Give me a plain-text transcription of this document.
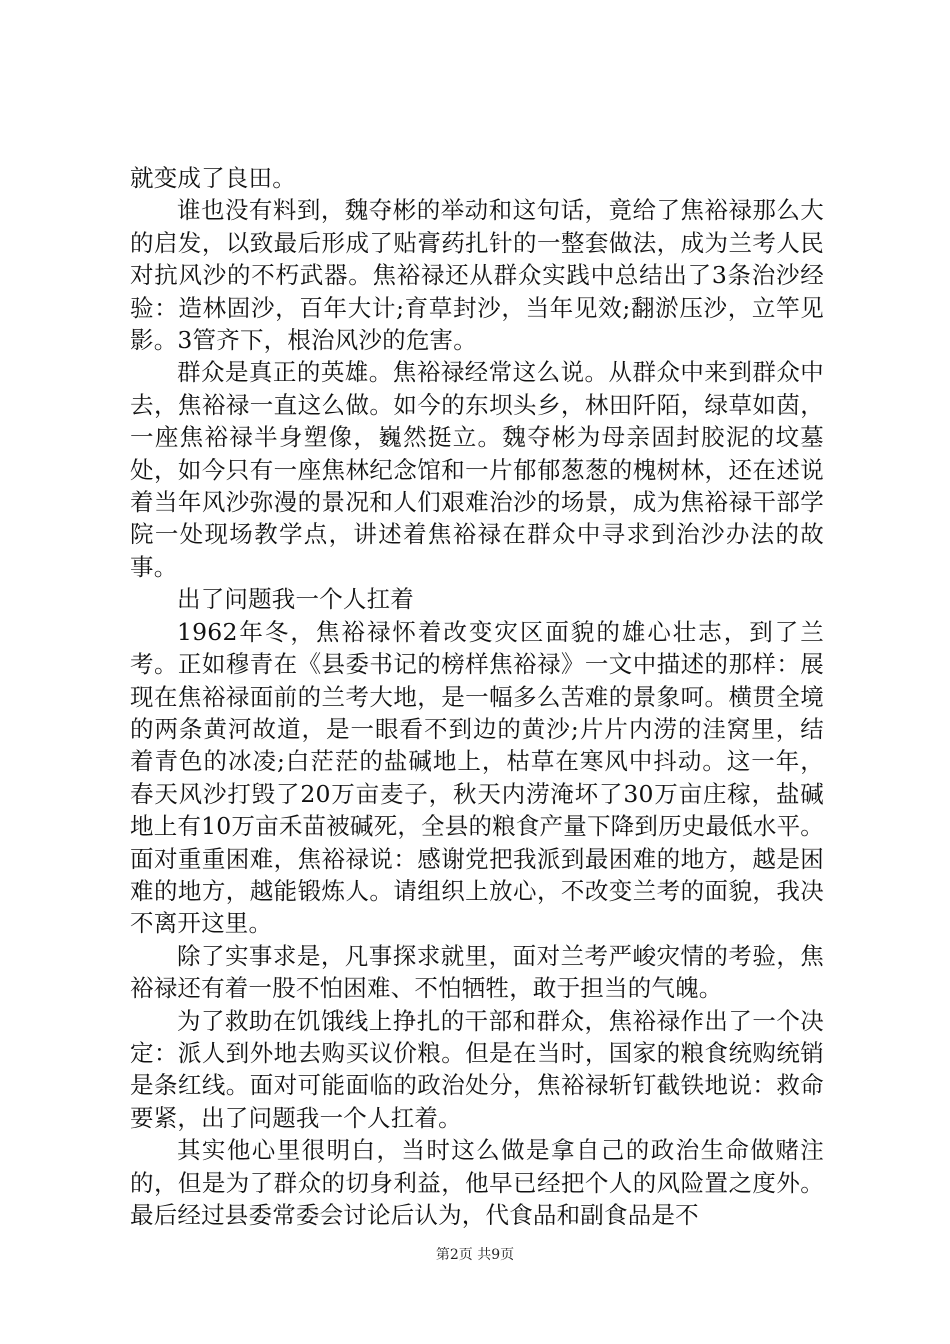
就变成了良田。

谁也没有料到，魏夺彬的举动和这句话，竟给了焦裕禄那么大的启发，以致最后形成了贴膏药扎针的一整套做法，成为兰考人民对抗风沙的不朽武器。焦裕禄还从群众实践中总结出了3条治沙经验：造林固沙，百年大计;育草封沙，当年见效;翻淤压沙，立竿见影。3管齐下，根治风沙的危害。

群众是真正的英雄。焦裕禄经常这么说。从群众中来到群众中去，焦裕禄一直这么做。如今的东坝头乡，林田阡陌，绿草如茵，一座焦裕禄半身塑像，巍然挺立。魏夺彬为母亲固封胶泥的坟墓处，如今只有一座焦林纪念馆和一片郁郁葱葱的槐树林，还在述说着当年风沙弥漫的景况和人们艰难治沙的场景，成为焦裕禄干部学院一处现场教学点，讲述着焦裕禄在群众中寻求到治沙办法的故事。

出了问题我一个人扛着

1962年冬，焦裕禄怀着改变灾区面貌的雄心壮志，到了兰考。正如穆青在《县委书记的榜样焦裕禄》一文中描述的那样：展现在焦裕禄面前的兰考大地，是一幅多么苦难的景象呵。横贯全境的两条黄河故道，是一眼看不到边的黄沙;片片内涝的洼窝里，结着青色的冰凌;白茫茫的盐碱地上，枯草在寒风中抖动。这一年，春天风沙打毁了20万亩麦子，秋天内涝淹坏了30万亩庄稼，盐碱地上有10万亩禾苗被碱死，全县的粮食产量下降到历史最低水平。面对重重困难，焦裕禄说：感谢党把我派到最困难的地方，越是困难的地方，越能锻炼人。请组织上放心，不改变兰考的面貌，我决不离开这里。

除了实事求是，凡事探求就里，面对兰考严峻灾情的考验，焦裕禄还有着一股不怕困难、不怕牺牲，敢于担当的气魄。

为了救助在饥饿线上挣扎的干部和群众，焦裕禄作出了一个决定：派人到外地去购买议价粮。但是在当时，国家的粮食统购统销是条红线。面对可能面临的政治处分，焦裕禄斩钉截铁地说：救命要紧，出了问题我一个人扛着。

其实他心里很明白，当时这么做是拿自己的政治生命做赌注的，但是为了群众的切身利益，他早已经把个人的风险置之度外。最后经过县委常委会讨论后认为，代食品和副食品是不

第2页 共9页
